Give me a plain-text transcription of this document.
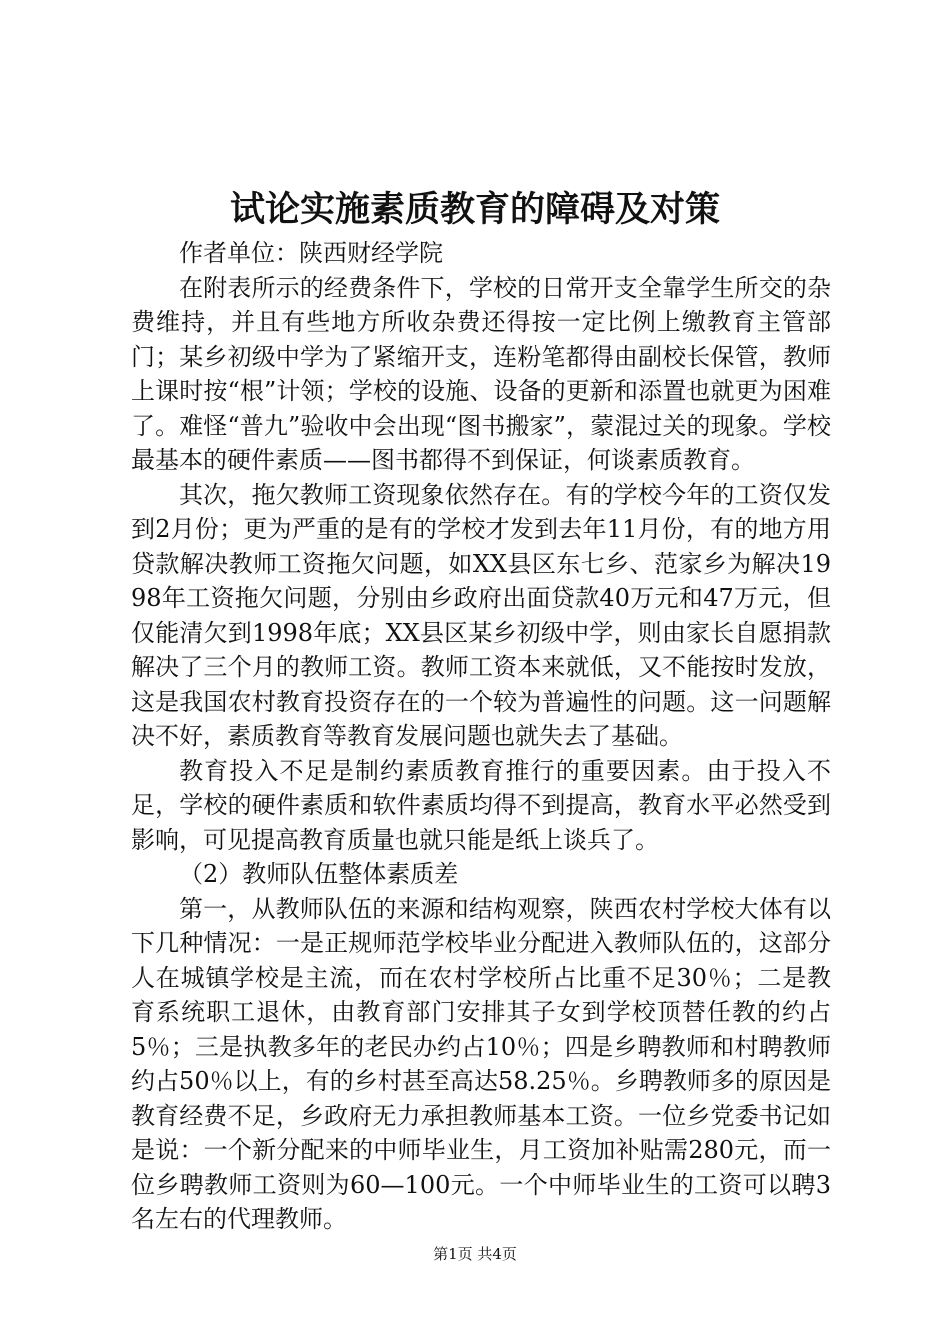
试论实施素质教育的障碍及对策

作者单位：陕西财经学院

在附表所示的经费条件下，学校的日常开支全靠学生所交的杂费维持，并且有些地方所收杂费还得按一定比例上缴教育主管部门；某乡初级中学为了紧缩开支，连粉笔都得由副校长保管，教师上课时按“根”计领；学校的设施、设备的更新和添置也就更为困难了。难怪“普九”验收中会出现“图书搬家”，蒙混过关的现象。学校最基本的硬件素质——图书都得不到保证，何谈素质教育。

其次，拖欠教师工资现象依然存在。有的学校今年的工资仅发到2月份；更为严重的是有的学校才发到去年11月份，有的地方用贷款解决教师工资拖欠问题，如XX县区东七乡、范家乡为解决1998年工资拖欠问题，分别由乡政府出面贷款40万元和47万元，但仅能清欠到1998年底；XX县区某乡初级中学，则由家长自愿捐款解决了三个月的教师工资。教师工资本来就低，又不能按时发放，这是我国农村教育投资存在的一个较为普遍性的问题。这一问题解决不好，素质教育等教育发展问题也就失去了基础。

教育投入不足是制约素质教育推行的重要因素。由于投入不足，学校的硬件素质和软件素质均得不到提高，教育水平必然受到影响，可见提高教育质量也就只能是纸上谈兵了。

（2）教师队伍整体素质差

第一，从教师队伍的来源和结构观察，陕西农村学校大体有以下几种情况：一是正规师范学校毕业分配进入教师队伍的，这部分人在城镇学校是主流，而在农村学校所占比重不足30％；二是教育系统职工退休，由教育部门安排其子女到学校顶替任教的约占5％；三是执教多年的老民办约占10％；四是乡聘教师和村聘教师约占50％以上，有的乡村甚至高达58.25％。乡聘教师多的原因是教育经费不足，乡政府无力承担教师基本工资。一位乡党委书记如是说：一个新分配来的中师毕业生，月工资加补贴需280元，而一位乡聘教师工资则为60—100元。一个中师毕业生的工资可以聘3名左右的代理教师。

第1页 共4页
